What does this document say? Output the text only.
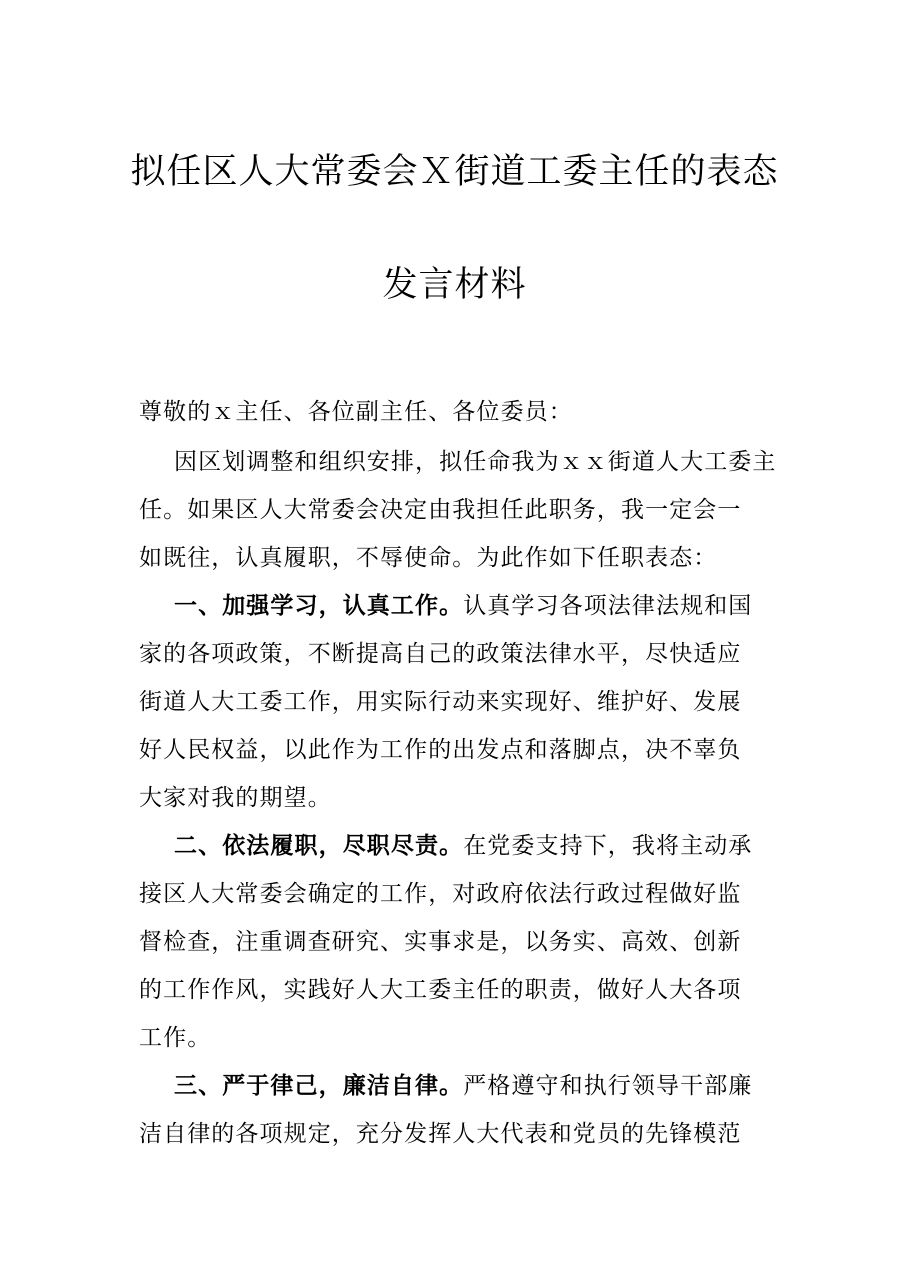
拟任区人大常委会Ｘ街道工委主任的表态
发言材料
尊敬的ｘ主任、各位副主任、各位委员：
因区划调整和组织安排，拟任命我为ｘｘ街道人大工委主
任。如果区人大常委会决定由我担任此职务，我一定会一
如既往，认真履职，不辱使命。为此作如下任职表态：
一、加强学习，认真工作。认真学习各项法律法规和国
家的各项政策，不断提高自己的政策法律水平，尽快适应
街道人大工委工作，用实际行动来实现好、维护好、发展
好人民权益，以此作为工作的出发点和落脚点，决不辜负
大家对我的期望。
二、依法履职，尽职尽责。在党委支持下，我将主动承
接区人大常委会确定的工作，对政府依法行政过程做好监
督检查，注重调查研究、实事求是，以务实、高效、创新
的工作作风，实践好人大工委主任的职责，做好人大各项
工作。
三、严于律己，廉洁自律。严格遵守和执行领导干部廉
洁自律的各项规定，充分发挥人大代表和党员的先锋模范
